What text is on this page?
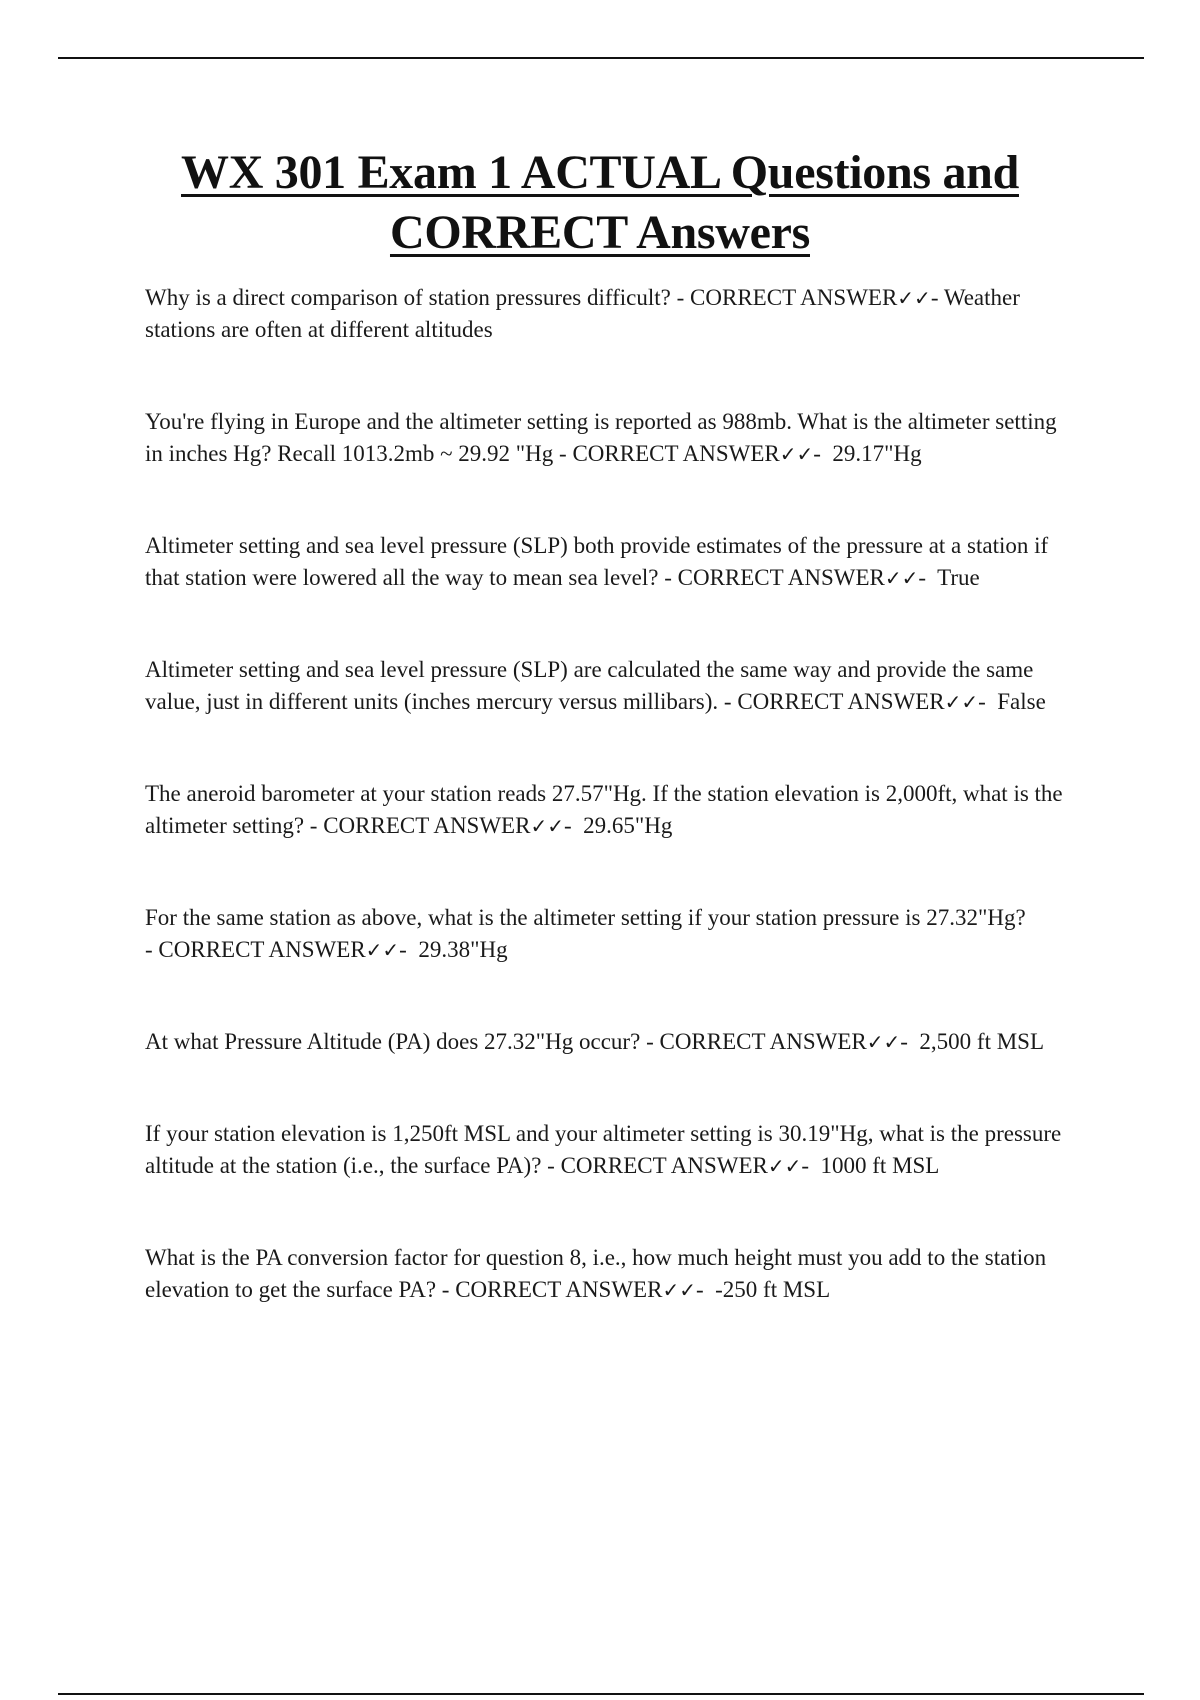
WX 301 Exam 1 ACTUAL Questions and CORRECT Answers

Why is a direct comparison of station pressures difficult? - CORRECT ANSWER✓✓- Weather stations are often at different altitudes

You're flying in Europe and the altimeter setting is reported as 988mb. What is the altimeter setting in inches Hg? Recall 1013.2mb ~ 29.92 "Hg - CORRECT ANSWER✓✓- 29.17"Hg

Altimeter setting and sea level pressure (SLP) both provide estimates of the pressure at a station if that station were lowered all the way to mean sea level? - CORRECT ANSWER✓✓- True

Altimeter setting and sea level pressure (SLP) are calculated the same way and provide the same value, just in different units (inches mercury versus millibars). - CORRECT ANSWER✓✓- False

The aneroid barometer at your station reads 27.57"Hg. If the station elevation is 2,000ft, what is the altimeter setting? - CORRECT ANSWER✓✓- 29.65"Hg

For the same station as above, what is the altimeter setting if your station pressure is 27.32"Hg? - CORRECT ANSWER✓✓- 29.38"Hg

At what Pressure Altitude (PA) does 27.32"Hg occur? - CORRECT ANSWER✓✓- 2,500 ft MSL

If your station elevation is 1,250ft MSL and your altimeter setting is 30.19"Hg, what is the pressure altitude at the station (i.e., the surface PA)? - CORRECT ANSWER✓✓- 1000 ft MSL

What is the PA conversion factor for question 8, i.e., how much height must you add to the station elevation to get the surface PA? - CORRECT ANSWER✓✓- -250 ft MSL
